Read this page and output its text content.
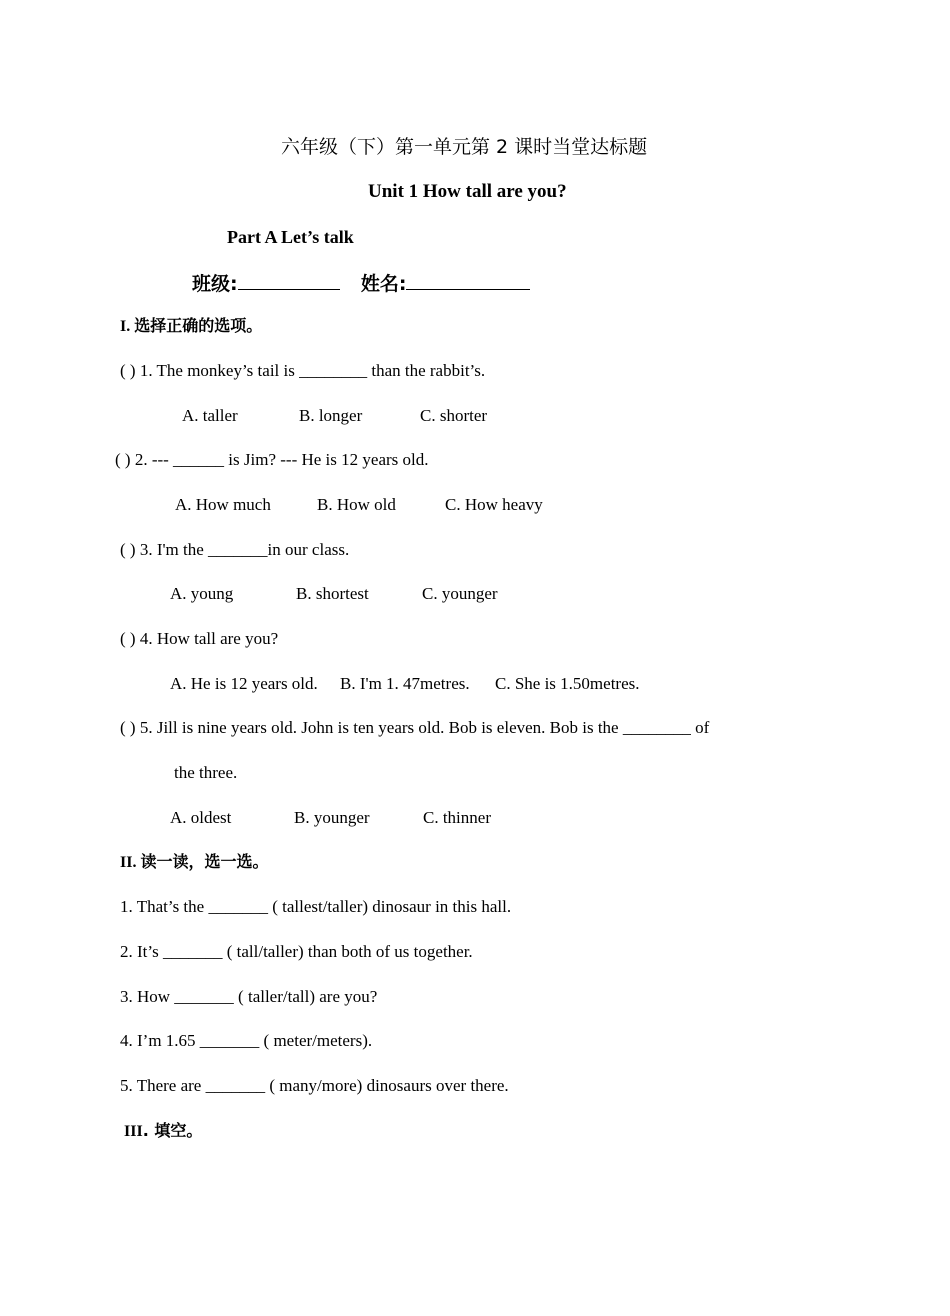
六年级（下）第一单元第 2 课时当堂达标题
Unit 1 How tall are you?
Part A Let’s talk
班级:	姓名:
I. 选择正确的选项。
( ) 1. The monkey’s tail is ________ than the rabbit’s.
A. taller	B. longer	C. shorter
( ) 2. --- ______ is Jim? --- He is 12 years old.
A. How much	B. How old	C. How heavy
( ) 3. I'm the _______in our class.
A. young	B. shortest	C. younger
( ) 4. How tall are you?
A. He is 12 years old. B. I'm 1. 47metres. C. She is 1.50metres.
( ) 5. Jill is nine years old. John is ten years old. Bob is eleven. Bob is the ________ of
the three.
A. oldest	B. younger	C. thinner
II. 读一读，选一选。
1. That’s the _______ ( tallest/taller) dinosaur in this hall.
2. It’s _______ ( tall/taller) than both of us together.
3. How _______ ( taller/tall) are you?
4. I’m 1.65 _______ ( meter/meters).
5. There are _______ ( many/more) dinosaurs over there.
III. 填空。
